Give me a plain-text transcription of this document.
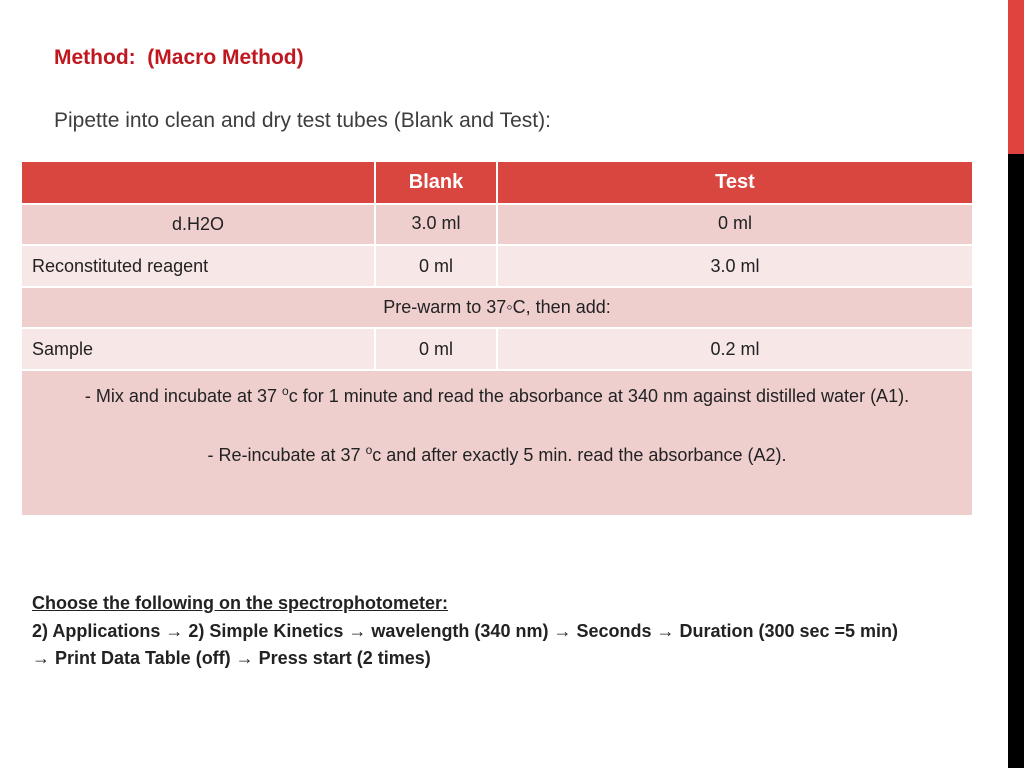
Method:  (Macro Method)
Pipette into clean and dry test tubes (Blank and Test):
	Blank	Test
d.H2O	3.0 ml	0 ml
Reconstituted reagent	0 ml	3.0 ml
Pre-warm to 37◦C, then add:		
Sample	0 ml	0.2 ml

- Mix and incubate at 37 $^o$c for 1 minute and read the absorbance at 340 nm against distilled water (A1).
- Re-incubate at 37 $^o$c and after exactly 5 min. read the absorbance (A2).		
Choose the following on the spectrophotometer:
2) Applications → 2) Simple Kinetics → wavelength (340 nm) → Seconds → Duration (300 sec =5 min)
→ Print Data Table (off) → Press start (2 times)
